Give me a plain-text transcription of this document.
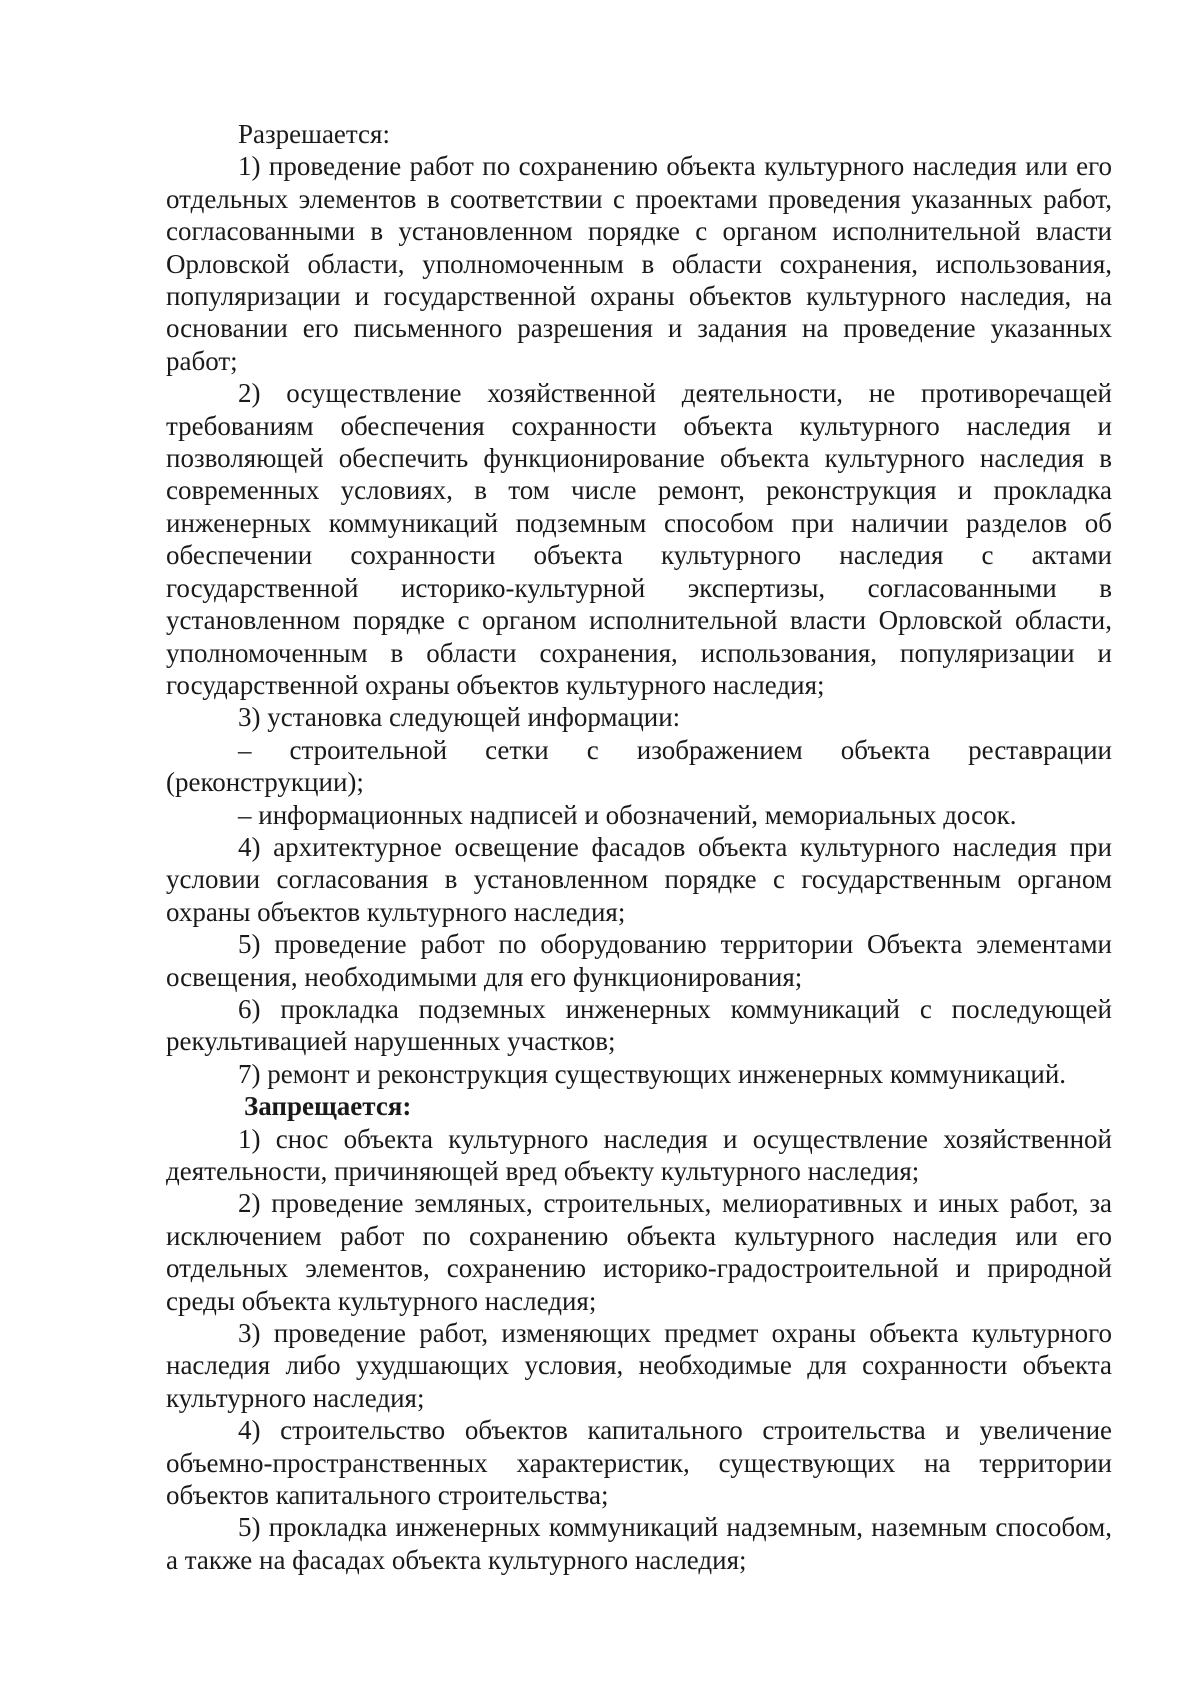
Разрешается:

1) проведение работ по сохранению объекта культурного наследия или его отдельных элементов в соответствии с проектами проведения указанных работ, согласованными в установленном порядке с органом исполнительной власти Орловской области, уполномоченным в области сохранения, использования, популяризации и государственной охраны объектов культурного наследия, на основании его письменного разрешения и задания на проведение указанных работ;

2) осуществление хозяйственной деятельности, не противоречащей требованиям обеспечения сохранности объекта культурного наследия и позволяющей обеспечить функционирование объекта культурного наследия в современных условиях, в том числе ремонт, реконструкция и прокладка инженерных коммуникаций подземным способом при наличии разделов об обеспечении сохранности объекта культурного наследия с актами государственной историко-культурной экспертизы, согласованными в установленном порядке с органом исполнительной власти Орловской области, уполномоченным в области сохранения, использования, популяризации и государственной охраны объектов культурного наследия;

3) установка следующей информации:

– строительной сетки с изображением объекта реставрации (реконструкции);

– информационных надписей и обозначений, мемориальных досок.

4) архитектурное освещение фасадов объекта культурного наследия при условии согласования в установленном порядке с государственным органом охраны объектов культурного наследия;

5) проведение работ по оборудованию территории Объекта элементами освещения, необходимыми для его функционирования;

6) прокладка подземных инженерных коммуникаций с последующей рекультивацией нарушенных участков;

7) ремонт и реконструкция существующих инженерных коммуникаций.

Запрещается:

1) снос объекта культурного наследия и осуществление хозяйственной деятельности, причиняющей вред объекту культурного наследия;

2) проведение земляных, строительных, мелиоративных и иных работ, за исключением работ по сохранению объекта культурного наследия или его отдельных элементов, сохранению историко-градостроительной и природной среды объекта культурного наследия;

3) проведение работ, изменяющих предмет охраны объекта культурного наследия либо ухудшающих условия, необходимые для сохранности объекта культурного наследия;

4) строительство объектов капитального строительства и увеличение объемно-пространственных характеристик, существующих на территории объектов капитального строительства;

5) прокладка инженерных коммуникаций надземным, наземным способом, а также на фасадах объекта культурного наследия;
